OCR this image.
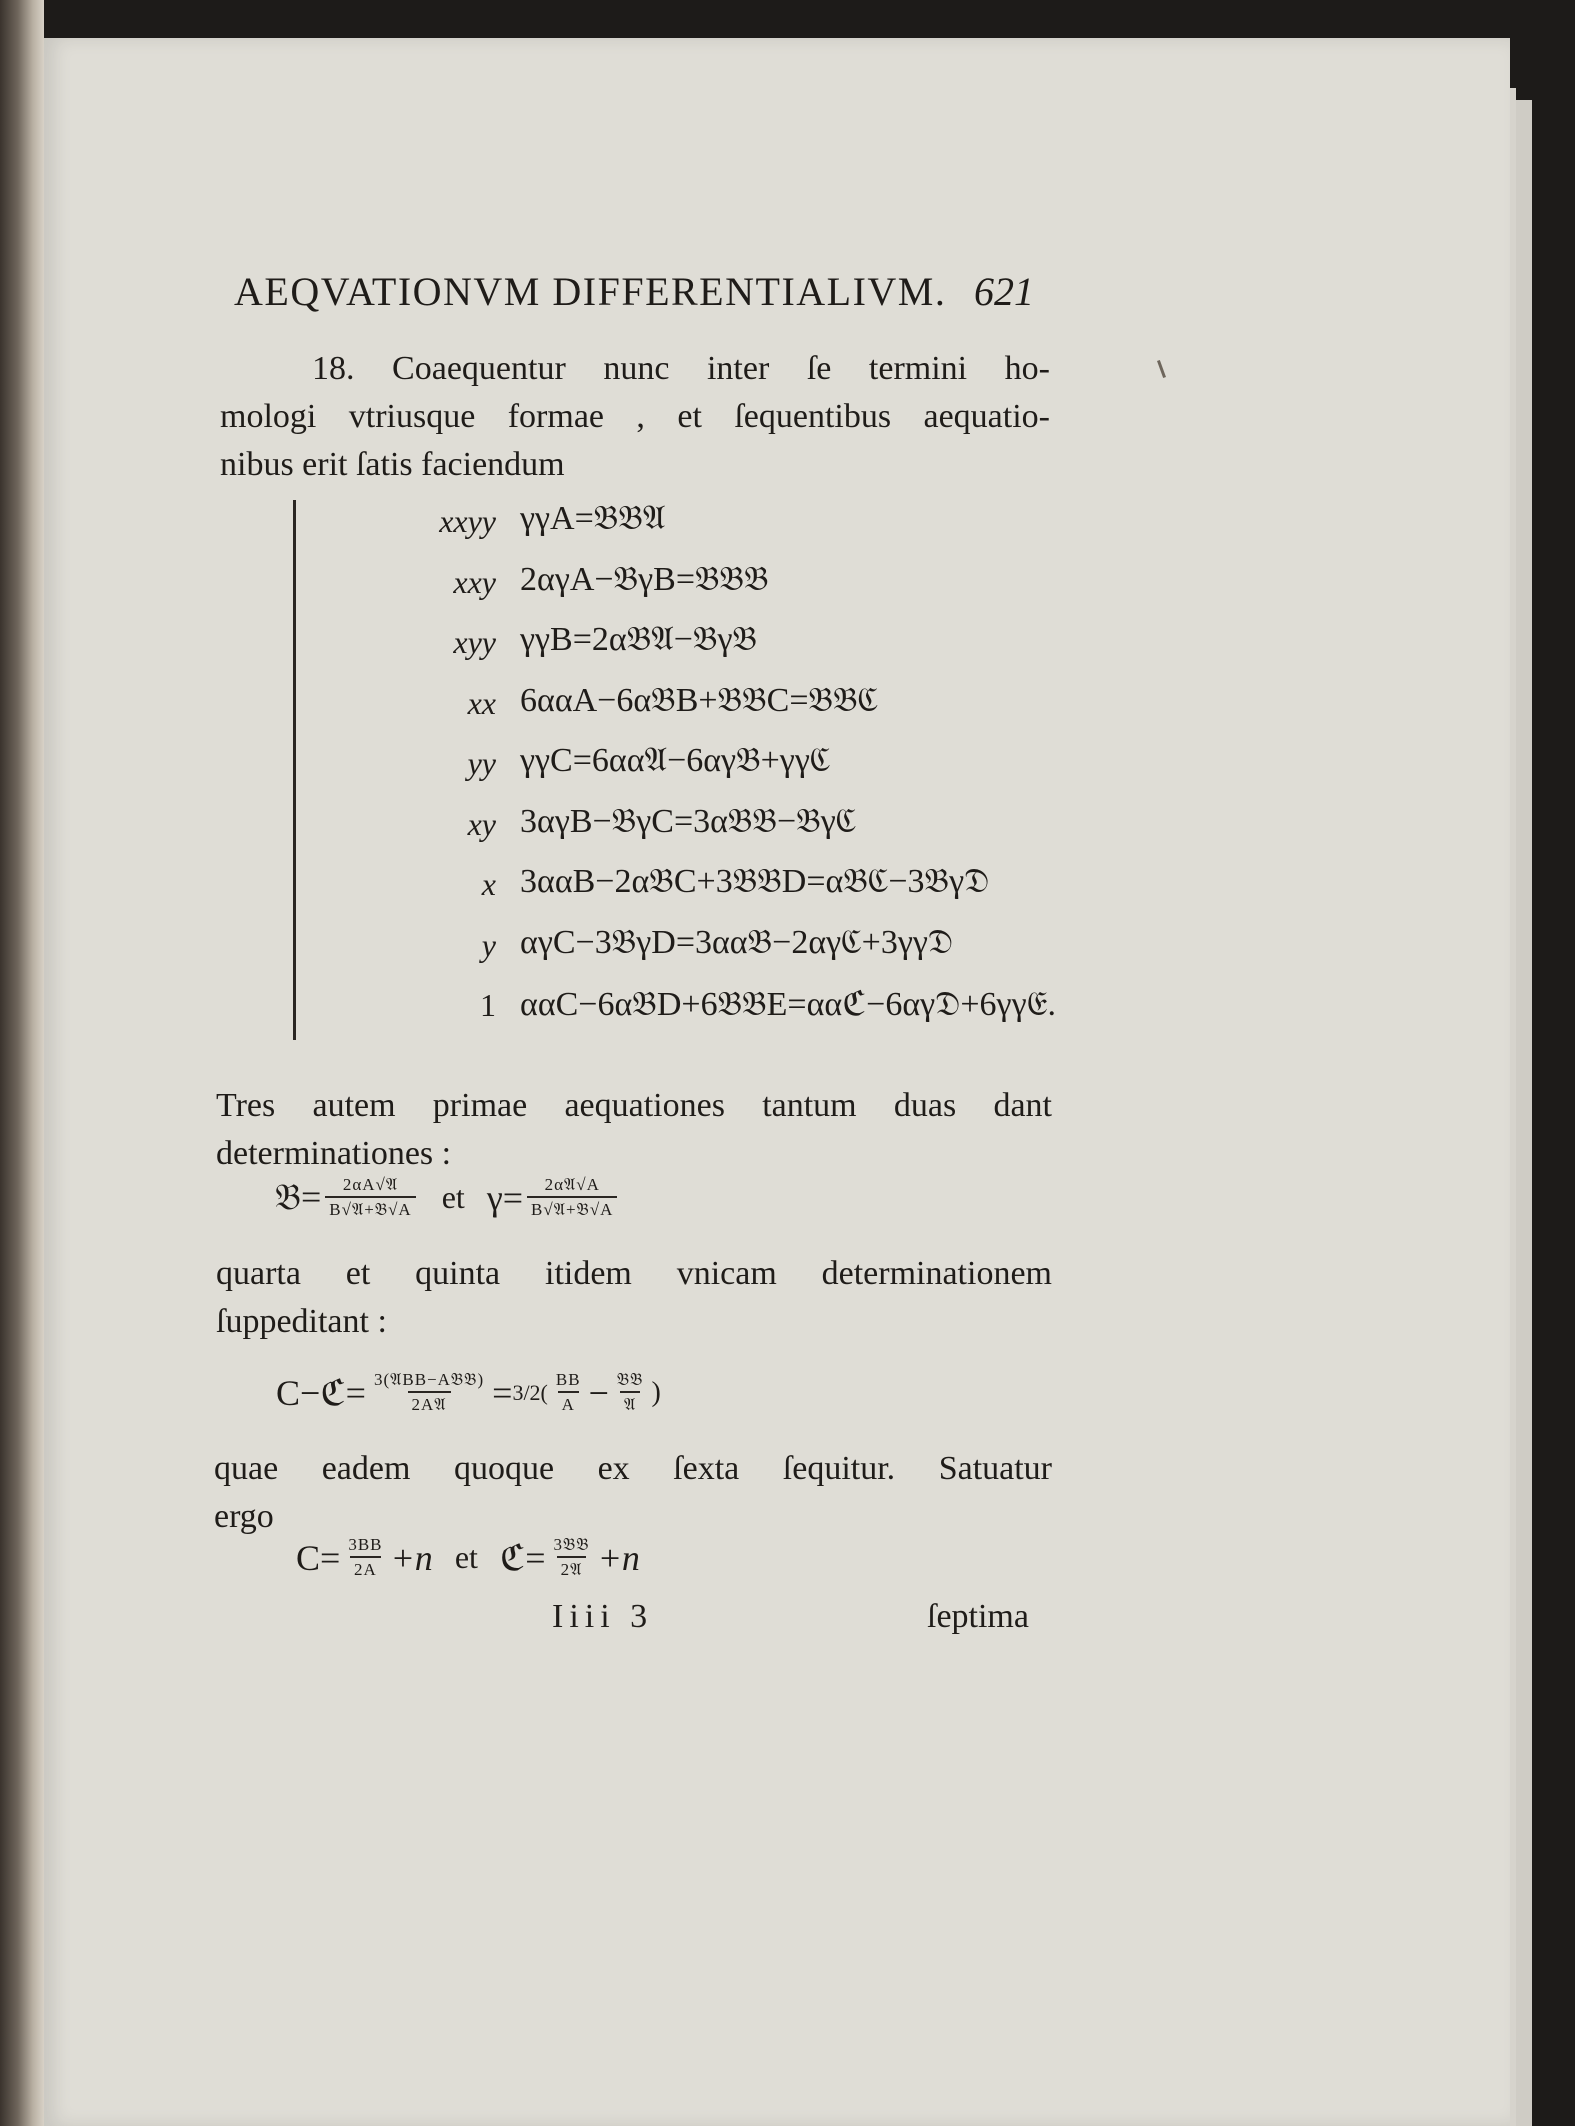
AEQVATIONVM DIFFERENTIALIVM. 621
18. Coaequentur nunc inter ſe termini ho-
mologi vtriusque formae , et ſequentibus aequatio-
nibus erit ſatis faciendum
xxyy γγA=𝔅𝔅𝔄
xxy 2αγA−𝔅γB=𝔅𝔅𝔅
xyy γγB=2α𝔅𝔄−𝔅γ𝔅
xx 6ααA−6α𝔅B+𝔅𝔅C=𝔅𝔅ℭ
yy γγC=6αα𝔄−6αγ𝔅+γγℭ
xy 3αγB−𝔅γC=3α𝔅𝔅−𝔅γℭ
x 3ααB−2α𝔅C+3𝔅𝔅D=α𝔅ℭ−3𝔅γ𝔇
y αγC−3𝔅γD=3αα𝔅−2αγℭ+3γγ𝔇
1 ααC−6α𝔅D+6𝔅𝔅E=ααℭ−6αγ𝔇+6γγ𝔈.
Tres autem primae aequationes tantum duas dant
determinationes :
𝔅= $\frac{\text{2αA√𝔄}}{\text{B√𝔄+𝔅√A}}$ et $\gamma= \frac{\text{2α𝔄√A}}{\text{B√𝔄+𝔅√A}}$
quarta et quinta itidem vnicam determinationem
ſuppeditant :
C−ℭ= $\frac{\text{3(𝔄BB−A𝔅𝔅)}}{\text{2A𝔄}} = 3/2( \frac{BB}{A} - \frac{\text{𝔅𝔅}}{\text{𝔄}}$ )
quae eadem quoque ex ſexta ſequitur. Satuatur
ergo
$C= \frac{3BB}{2A} +n$ et ℭ= $\frac{\text{3𝔅𝔅}}{\text{2𝔄}} +n$
Iiii 3	ſeptima
